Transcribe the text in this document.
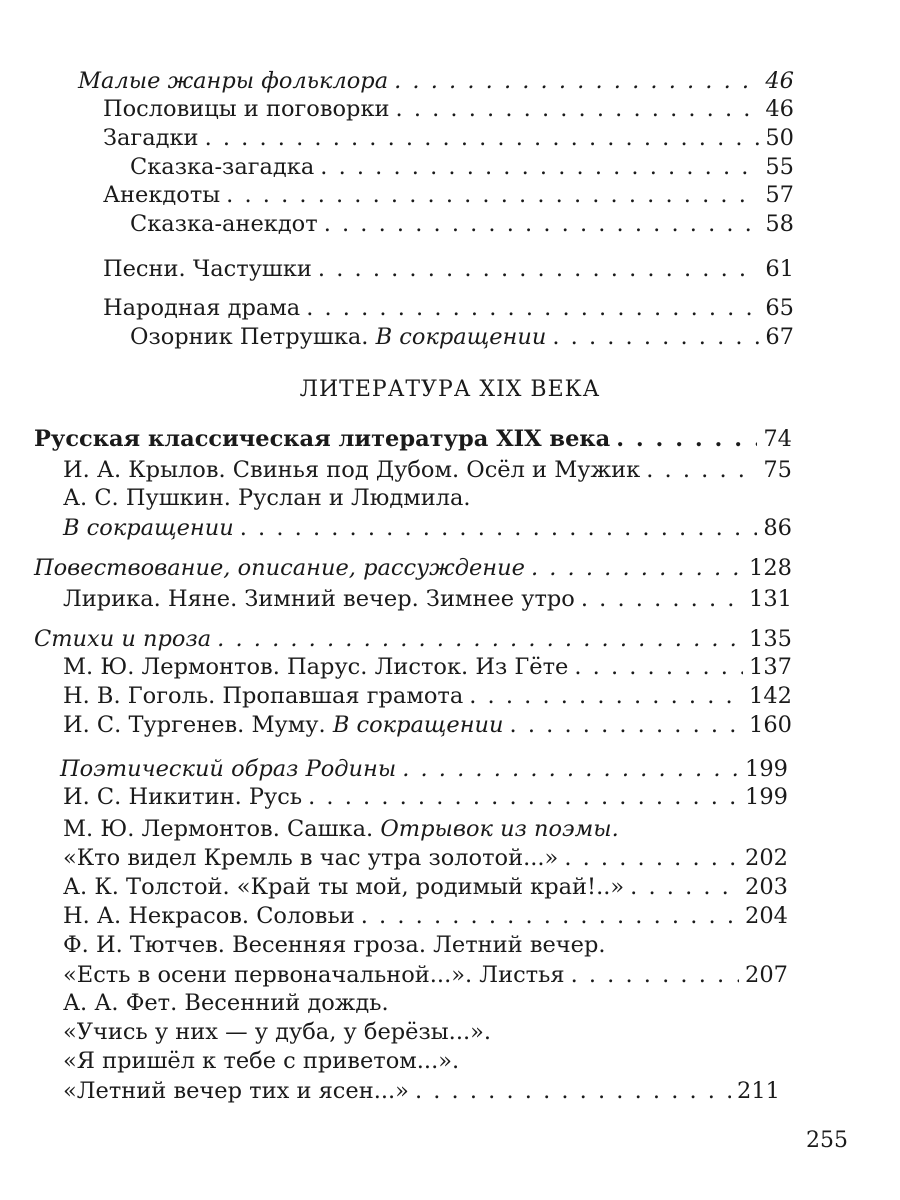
Малые жанры фольклора . . .	46
Пословицы и поговорки . . .	46
Загадки . . .	50
Сказка-загадка . . .	55
Анекдоты . . .	57
Сказка-анекдот . . .	58
Песни. Частушки . . .	61
Народная драма . . .	65
Озорник Петрушка. В сокращении . . .	67
ЛИТЕРАТУРА XIX ВЕКА
Русская классическая литература XIX века . . .	74
И. А. Крылов. Свинья под Дубом. Осёл и Мужик . . .	75
А. С. Пушкин. Руслан и Людмила.
В сокращении . . .	86
Повествование, описание, рассуждение . . .	128
Лирика. Няне. Зимний вечер. Зимнее утро . . .	131
Стихи и проза . . .	135
М. Ю. Лермонтов. Парус. Листок. Из Гёте . . .	137
Н. В. Гоголь. Пропавшая грамота . . .	142
И. С. Тургенев. Муму. В сокращении . . .	160
Поэтический образ Родины . . .	199
И. С. Никитин. Русь . . .	199
М. Ю. Лермонтов. Сашка. Отрывок из поэмы.
«Кто видел Кремль в час утра золотой...» . . .	202
А. К. Толстой. «Край ты мой, родимый край!..» . . .	203
Н. А. Некрасов. Соловьи . . .	204
Ф. И. Тютчев. Весенняя гроза. Летний вечер.
«Есть в осени первоначальной...». Листья . . .	207
А. А. Фет. Весенний дождь.
«Учись у них — у дуба, у берёзы...».
«Я пришёл к тебе с приветом...».
«Летний вечер тих и ясен...» . . .	211
255
